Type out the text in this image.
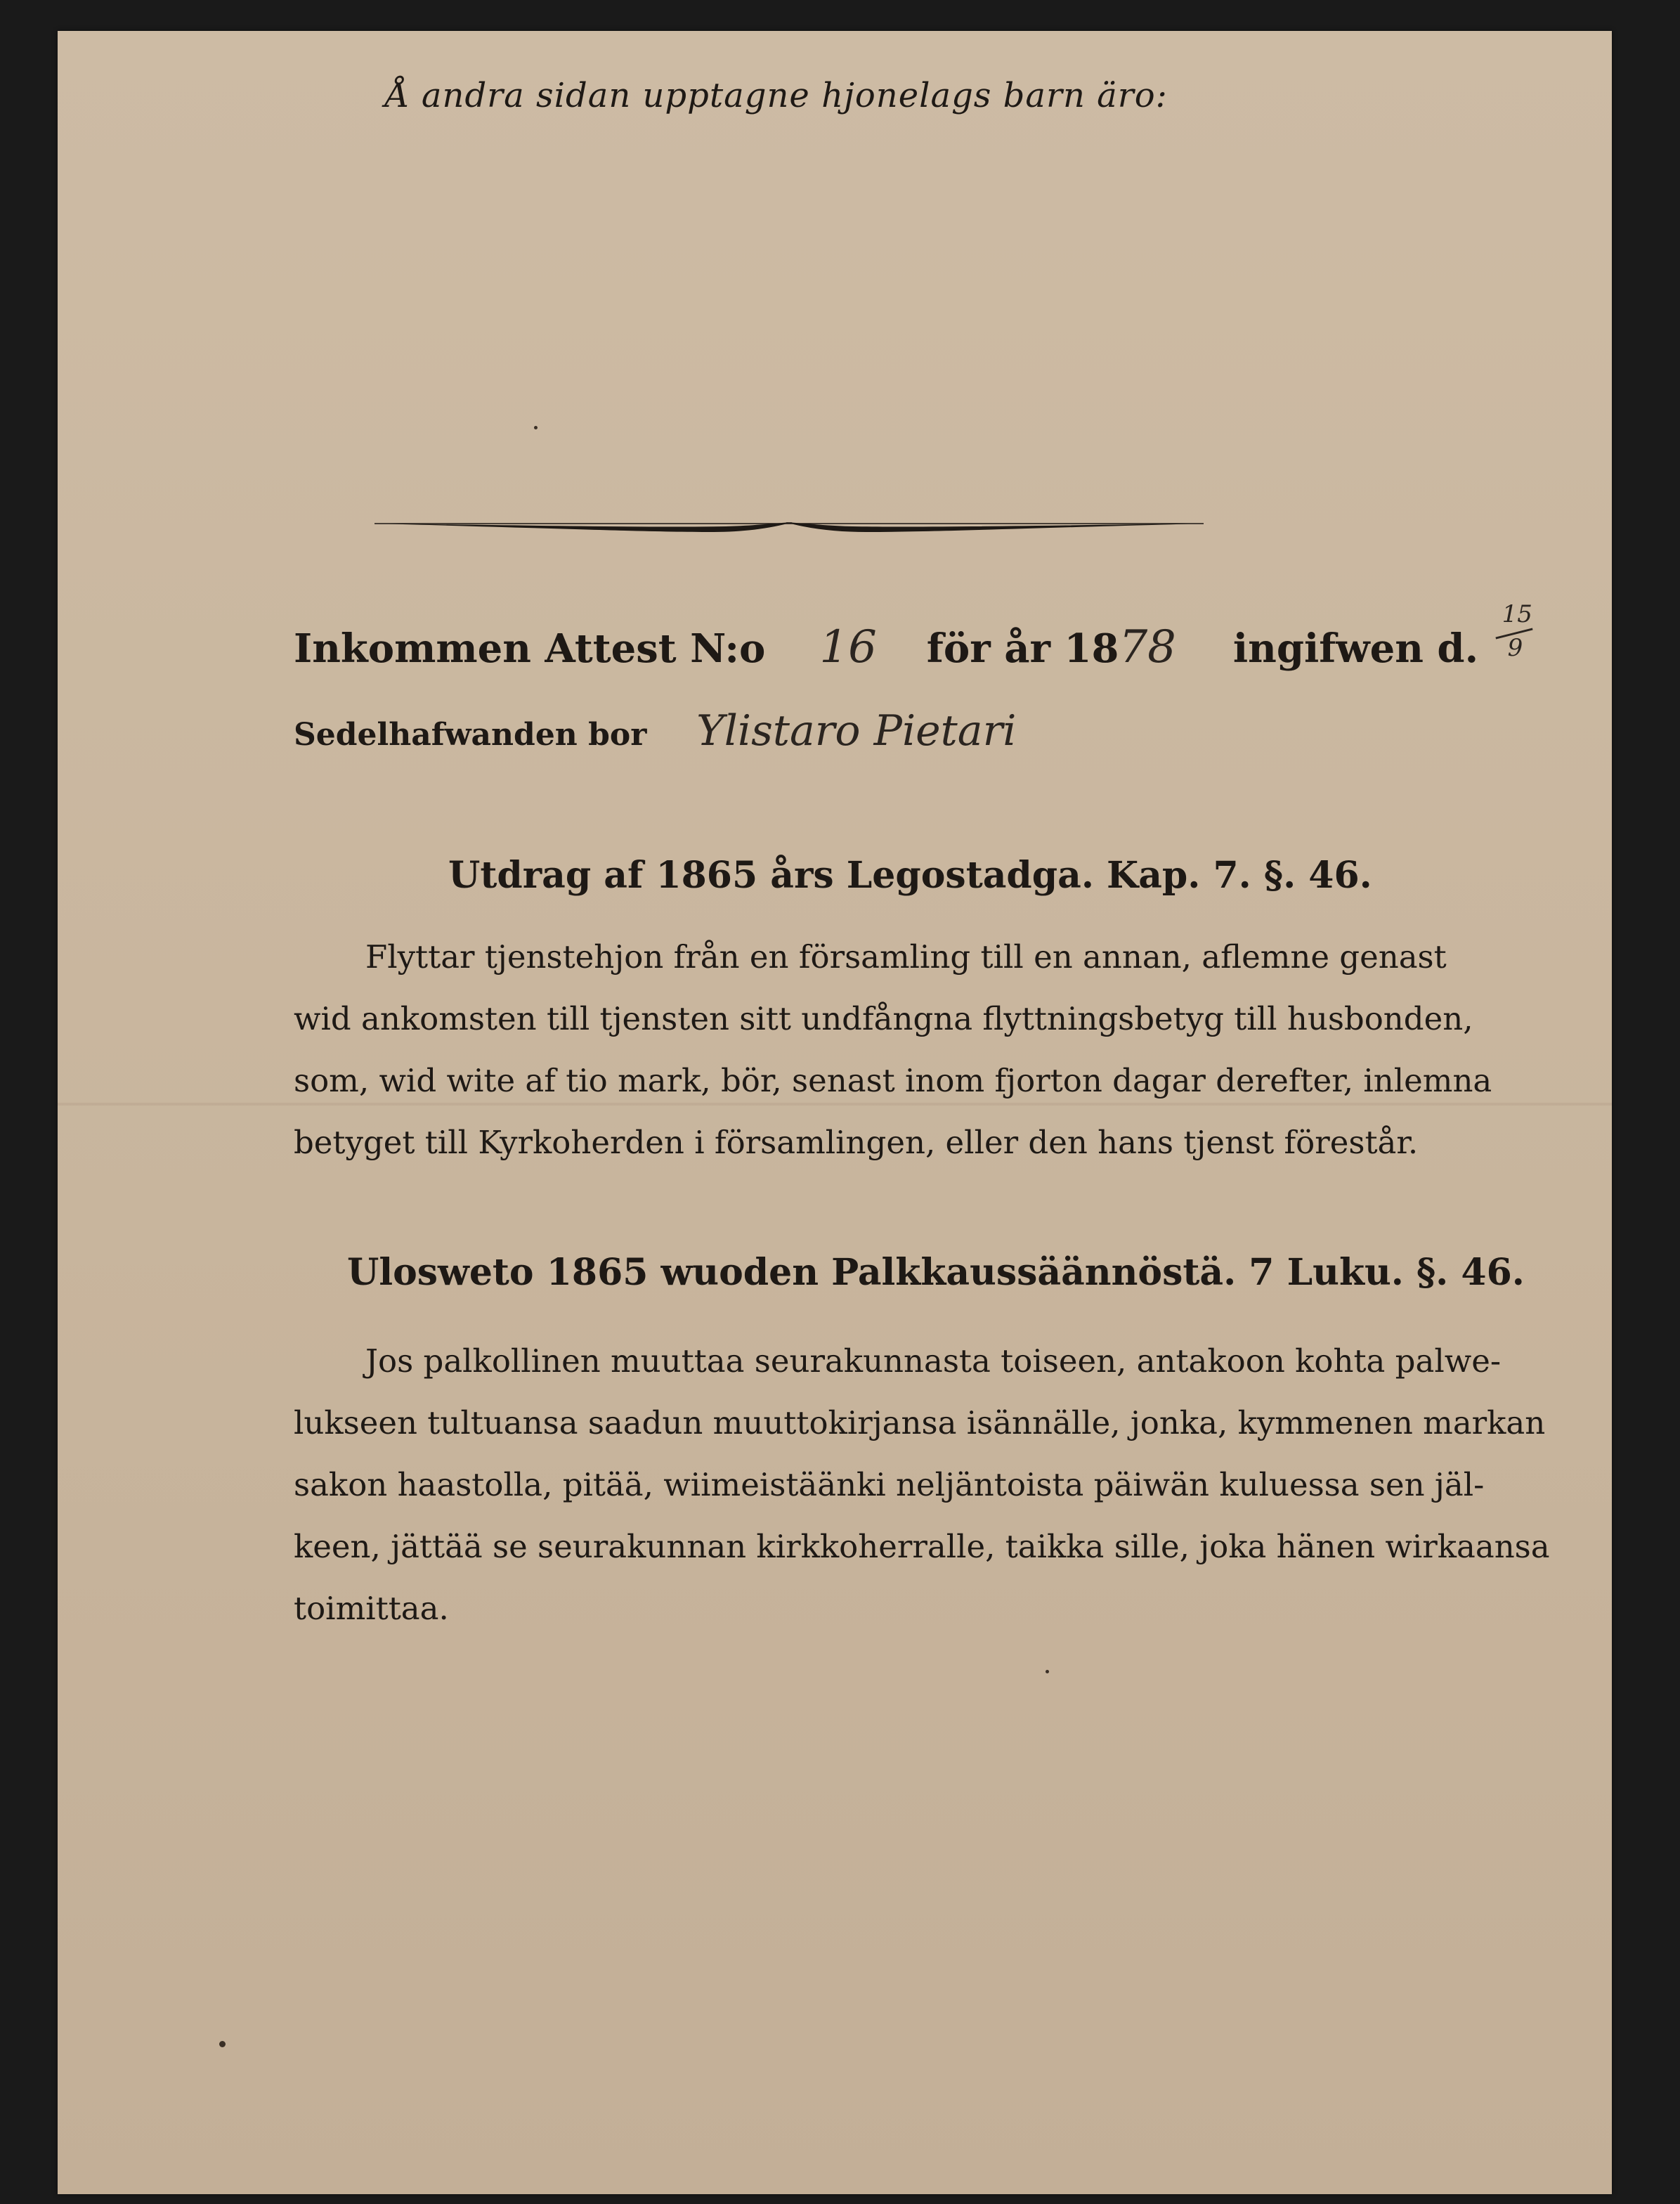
Å andra sidan upptagne hjonelags barn äro:
Inkommen Attest N:o 16 för år 1878 ingifwen d.
15
9
Sedelhafwanden bor Ylistaro Pietari
Utdrag af 1865 års Legostadga. Kap. 7. §. 46.
Flyttar tjenstehjon från en församling till en annan, aflemne genast
wid ankomsten till tjensten sitt undfångna flyttningsbetyg till husbonden,
som, wid wite af tio mark, bör, senast inom fjorton dagar derefter, inlemna
betyget till Kyrkoherden i församlingen, eller den hans tjenst förestår.
Ulosweto 1865 wuoden Palkkaussäännöstä. 7 Luku. §. 46.
Jos palkollinen muuttaa seurakunnasta toiseen, antakoon kohta palwe-
lukseen tultuansa saadun muuttokirjansa isännälle, jonka, kymmenen markan
sakon haastolla, pitää, wiimeistäänki neljäntoista päiwän kuluessa sen jäl-
keen, jättää se seurakunnan kirkkoherralle, taikka sille, joka hänen wirkaansa
toimittaa.
